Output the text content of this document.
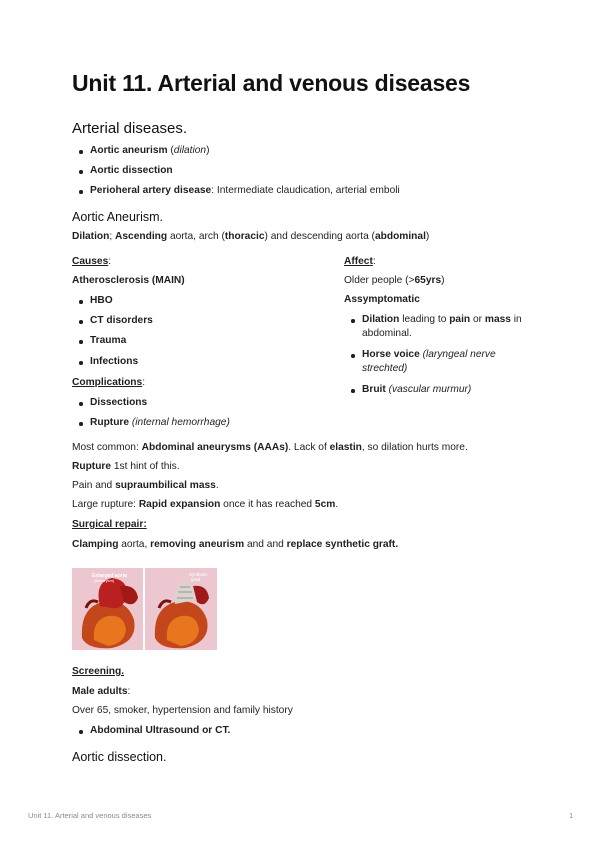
Unit 11. Arterial and venous diseases
Arterial diseases.
Aortic aneurism (dilation)
Aortic dissection
Perioheral artery disease: Intermediate claudication, arterial emboli
Aortic Aneurism.
Dilation; Ascending aorta, arch (thoracic) and descending aorta (abdominal)
Causes:
Atherosclerosis (MAIN)
HBO
CT disorders
Trauma
Infections
Complications:
Dissections
Rupture (internal hemorrhage)
Affect:
Older people (>65yrs)
Assymptomatic
Dilation leading to pain or mass in
abdominal.
Horse voice (laryngeal nerve
strechted)
Bruit (vascular murmur)
Most common: Abdominal aneurysms (AAAs). Lack of elastin, so dilation hurts more.
Rupture 1st hint of this.
Pain and supraumbilical mass.
Large rupture: Rapid expansion once it has reached 5cm.
Surgical repair:
Clamping aorta, removing aneurism and and replace synthetic graft.
Enlarged aorta
(aneurysm)
Synthetic
graft
Screening.
Male adults:
Over 65, smoker, hypertension and family history
Abdominal Ultrasound or CT.
Aortic dissection.
Unit 11. Arterial and venous diseases	1
